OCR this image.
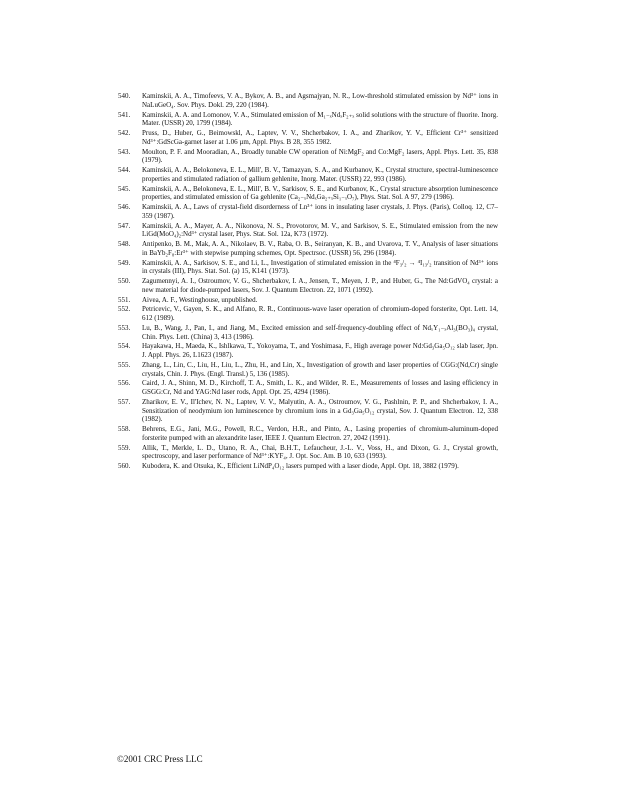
540. Kaminskii, A. A., Timofeevs, V. A., Bykov, A. B., and Agsmajyan, N. R., Low-threshold stimulated emission by Nd³⁺ ions in NaLuGeO₄. Sov. Phys. Dokl. 29, 220 (1984).
541. Kaminskii, A. A. and Lomonov, V. A., Stimulated emission of M₁₋ₓNdₓF₂₊ₓ solid solutions with the structure of fluorite. Inorg. Mater. (USSR) 20, 1799 (1984).
542. Pruss, D., Huber, G., Beimowskl, A., Laptev, V. V., Shcherbakov, I. A., and Zharikov, Y. V., Efficient Cr³⁺ sensitized Nd³⁺:GdScGa-garnet laser at 1.06 µm, Appl. Phys. B 28, 355 1982.
543. Moulton, P. F. and Mooradian, A., Broadly tunable CW operation of Ni:MgF₂ and Co:MgF₂ lasers, Appl. Phys. Lett. 35, 838 (1979).
544. Kaminskii, A. A., Belokoneva, E. L., Mill', B. V., Tamazyan, S. A., and Kurbanov, K., Crystal structure, spectral-luminescence properties and stimulated radiation of gallium gehlenite, Inorg. Mater. (USSR) 22, 993 (1986).
545. Kaminskii, A. A., Belokoneva, E. L., Mill', B. V., Sarkisov, S. E., and Kurbanov, K., Crystal structure absorption luminescence properties, and stimulated emission of Ga gehlenite (Ca₂₋ₓNdₓGa₂₊ₓSi₁₋ₓO₇), Phys. Stat. Sol. A 97, 279 (1986).
546. Kaminskii, A. A., Laws of crystal-field disorderness of Ln³⁺ ions in insulating laser crystals, J. Phys. (Paris), Colloq. 12, C7–359 (1987).
547. Kaminskii, A. A., Mayer, A. A., Nikonova, N. S., Provotorov, M. V., and Sarkisov, S. E., Stimulated emission from the new LiGd(MoO₄)₂:Nd³⁺ crystal laser, Phys. Stat. Sol. 12a, K73 (1972).
548. Antipenko, B. M., Mak, A. A., Nikolaev, B. V., Raba, O. B., Seiranyan, K. B., and Uvarova, T. V., Analysis of laser situations in BaYb₂F₈:Er³⁺ with stepwise pumping schemes, Opt. Spectrsoc. (USSR) 56, 296 (1984).
549. Kaminskii, A. A., Sarkisov, S. E., and Li, L., Investigation of stimulated emission in the ⁴F₃/₂ → ⁴I₁₃/₂ transition of Nd³⁺ ions in crystals (III), Phys. Stat. Sol. (a) 15, K141 (1973).
550. Zagumennyi, A. I., Ostroumov, V. G., Shcherbakov, I. A., Jensen, T., Meyen, J. P., and Huber, G., The Nd:GdVO₄ crystal: a new material for diode-pumped lasers, Sov. J. Quantum Electron. 22, 1071 (1992).
551. Aivea, A. F., Westinghouse, unpublished.
552. Petricevic, V., Gayen, S. K., and Alfano, R. R., Continuous-wave laser operation of chromium-doped forsterite, Opt. Lett. 14, 612 (1989).
553. Lu, B., Wang, J., Pan, I., and Jiang, M., Excited emission and self-frequency-doubling effect of NdₓY₁₋ₓAl₃(BO₃)₄ crystal, Chin. Phys. Lett. (China) 3, 413 (1986).
554. Hayakawa, H., Maeda, K., Ishlkawa, T., Yokoyama, T., and Yoshimasa, F., High average power Nd:Gd₃Ga₅O₁₂ slab laser, Jpn. J. Appl. Phys. 26, L1623 (1987).
555. Zhang, L., Lin, C., Liu, H., Liu, L., Zhu, H., and Lin, X., Investigation of growth and laser properties of CGG:(Nd,Cr) single crystals, Chin. J. Phys. (Engl. Transl.) 5, 136 (1985).
556. Caird, J. A., Shinn, M. D., Kirchoff, T. A., Smith, L. K., and Wilder, R. E., Measurements of losses and lasing efficiency in GSGG:Cr, Nd and YAG:Nd laser rods, Appl. Opt. 25, 4294 (1986).
557. Zharikov, E. V., Il'Ichev, N. N., Laptev, V. V., Malyutin, A. A., Ostroumov, V. G., Pashlnin, P. P., and Shcherbakov, I. A., Sensitization of neodymium ion luminescence by chromium ions in a Gd₃Ga₅O₁₂ crystal, Sov. J. Quantum Electron. 12, 338 (1982).
558. Behrens, E.G., Jani, M.G., Powell, R.C., Verdon, H.R., and Pinto, A., Lasing properties of chromium-aluminum-doped forsterite pumped with an alexandrite laser, IEEE J. Quantum Electron. 27, 2042 (1991).
559. Allik, T., Merkle, L. D., Utano, R. A., Chai, B.H.T., Lefaucheur, J.-L. V., Voss, H., and Dixon, G. J., Crystal growth, spectroscopy, and laser performance of Nd³⁺:KYF₄, J. Opt. Soc. Am. B 10, 633 (1993).
560. Kubodera, K. and Otsuka, K., Efficient LiNdP₄O₁₂ lasers pumped with a laser diode, Appl. Opt. 18, 3882 (1979).
©2001 CRC Press LLC
